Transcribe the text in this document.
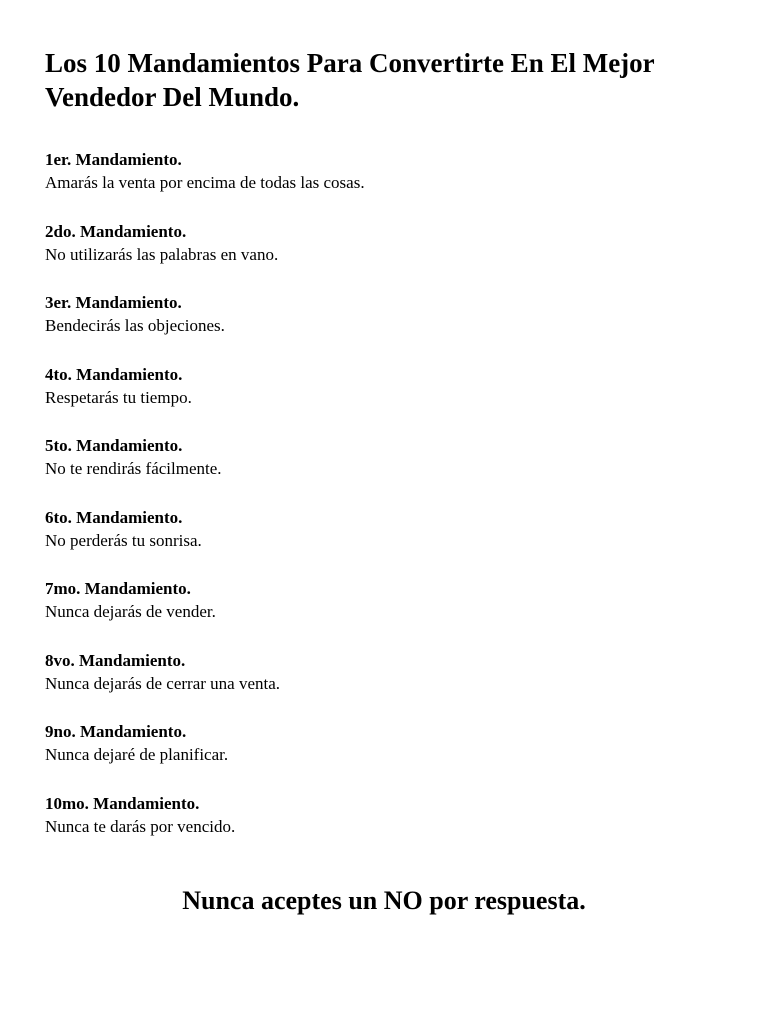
Los 10 Mandamientos Para Convertirte En El Mejor Vendedor Del Mundo.
1er. Mandamiento.
Amarás la venta por encima de todas las cosas.
2do. Mandamiento.
No utilizarás las palabras en vano.
3er. Mandamiento.
Bendecirás las objeciones.
4to. Mandamiento.
Respetarás tu tiempo.
5to. Mandamiento.
No te rendirás fácilmente.
6to. Mandamiento.
No perderás tu sonrisa.
7mo. Mandamiento.
Nunca dejarás de vender.
8vo. Mandamiento.
Nunca dejarás de cerrar una venta.
9no. Mandamiento.
Nunca dejaré de planificar.
10mo. Mandamiento.
Nunca te darás por vencido.

Nunca aceptes un NO por respuesta.
